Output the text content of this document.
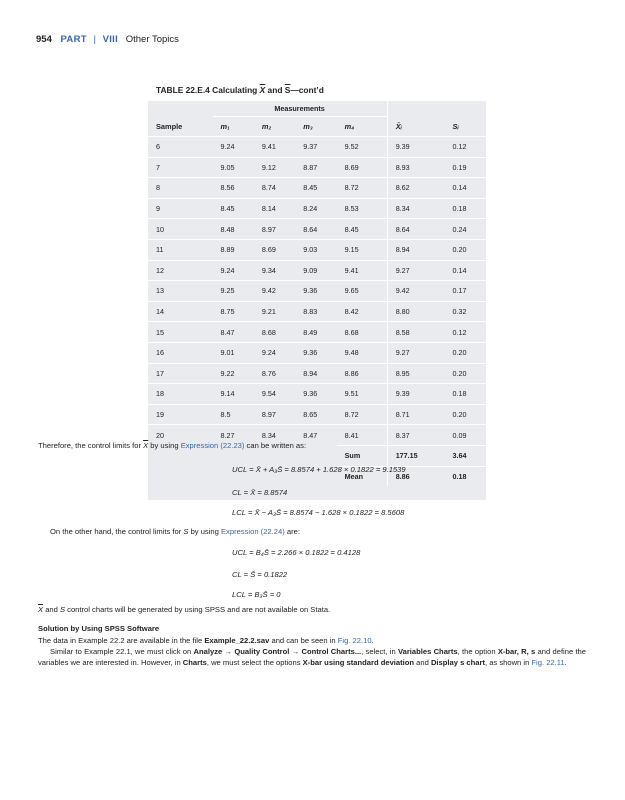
954 PART | VIII Other Topics
TABLE 22.E.4 Calculating $\overline{X}$ and $\overline{S}—cont’d$
	Measurements					
Sample	m₁	m₂	m₃	m₄	X̄ᵢ	Sᵢ
6	9.24	9.41	9.37	9.52	9.39	0.12
7	9.05	9.12	8.87	8.69	8.93	0.19
8	8.56	8.74	8.45	8.72	8.62	0.14
9	8.45	8.14	8.24	8.53	8.34	0.18
10	8.48	8.97	8.64	8.45	8.64	0.24
11	8.89	8.69	9.03	9.15	8.94	0.20
12	9.24	9.34	9.09	9.41	9.27	0.14
13	9.25	9.42	9.36	9.65	9.42	0.17
14	8.75	9.21	8.83	8.42	8.80	0.32
15	8.47	8.68	8.49	8.68	8.58	0.12
16	9.01	9.24	9.36	9.48	9.27	0.20
17	9.22	8.76	8.94	8.86	8.95	0.20
18	9.14	9.54	9.36	9.51	9.39	0.18
19	8.5	8.97	8.65	8.72	8.71	0.20
20	8.27	8.34	8.47	8.41	8.37	0.09
				Sum	177.15	3.64
				Mean	8.86	0.18

Therefore, the control limits for $\overline{X}$ by using Expression (22.23) can be written as:
UCL = X̄ + A₃S̄ = 8.8574 + 1.628 × 0.1822 = 9.1539
CL = X̄ = 8.8574
LCL = X̄ − A₃S̄ = 8.8574 − 1.628 × 0.1822 = 8.5608
On the other hand, the control limits for S by using Expression (22.24) are:
UCL = B₄S̄ = 2.266 × 0.1822 = 0.4128
CL = S̄ = 0.1822
LCL = B₃S̄ = 0
$\overline{X}$ and S control charts will be generated by using SPSS and are not available on Stata.
Solution by Using SPSS Software
The data in Example 22.2 are available in the file Example_22.2.sav and can be seen in Fig. 22.10.
Similar to Example 22.1, we must click on Analyze → Quality Control → Control Charts..., select, in Variables Charts, the option X-bar, R, s and define the variables we are interested in. However, in Charts, we must select the options X-bar using standard deviation and Display s chart, as shown in Fig. 22.11.
